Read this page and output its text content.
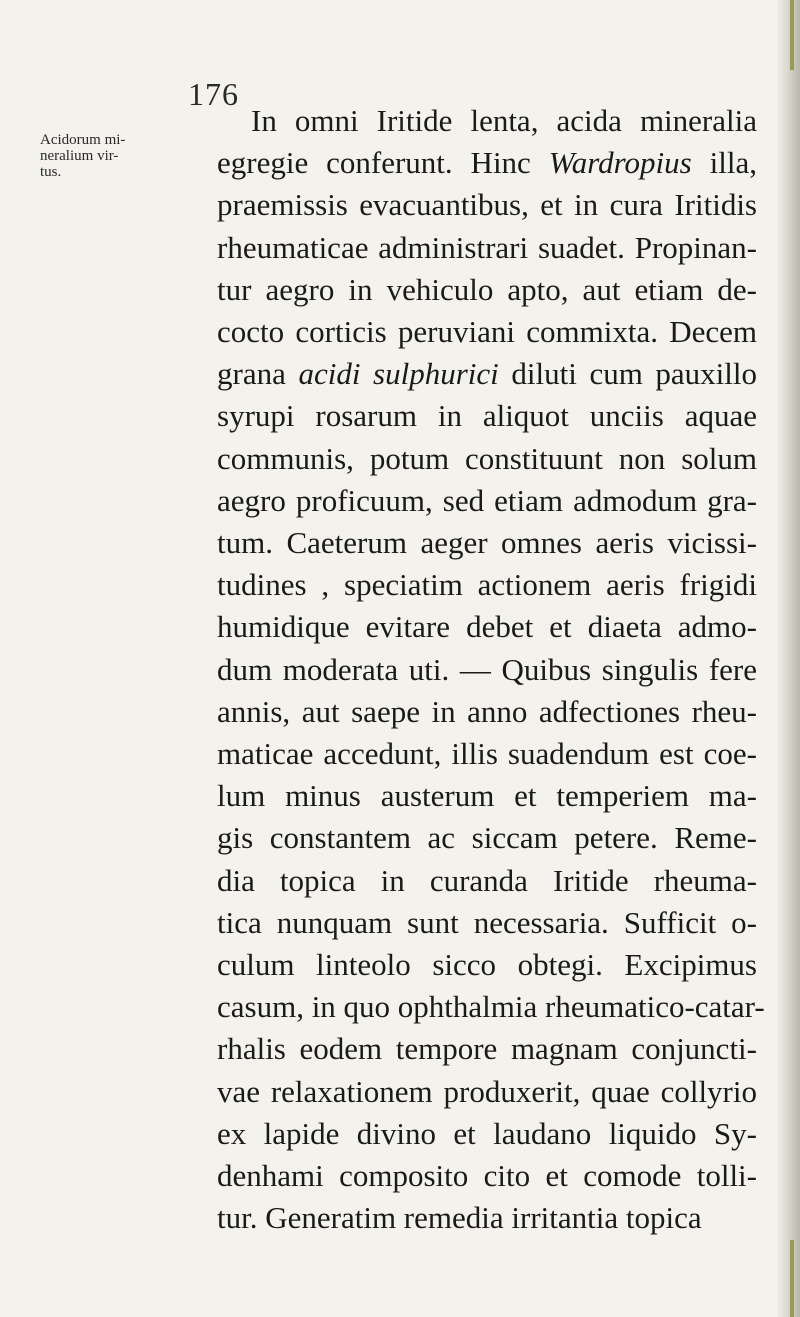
176
Acidorum mi-
neralium vir-
tus.
In omni Iritide lenta, acida mineralia
egregie conferunt. Hinc Wardropius illa,
praemissis evacuantibus, et in cura Iritidis
rheumaticae administrari suadet. Propinan-
tur aegro in vehiculo apto, aut etiam de-
cocto corticis peruviani commixta. Decem
grana acidi sulphurici diluti cum pauxillo
syrupi rosarum in aliquot unciis aquae
communis, potum constituunt non solum
aegro proficuum, sed etiam admodum gra-
tum. Caeterum aeger omnes aeris vicissi-
tudines , speciatim actionem aeris frigidi
humidique evitare debet et diaeta admo-
dum moderata uti. — Quibus singulis fere
annis, aut saepe in anno adfectiones rheu-
maticae accedunt, illis suadendum est coe-
lum minus austerum et temperiem ma-
gis constantem ac siccam petere. Reme-
dia topica in curanda Iritide rheuma-
tica nunquam sunt necessaria. Sufficit o-
culum linteolo sicco obtegi. Excipimus
casum, in quo ophthalmia rheumatico-catar-
rhalis eodem tempore magnam conjuncti-
vae relaxationem produxerit, quae collyrio
ex lapide divino et laudano liquido Sy-
denhami composito cito et comode tolli-
tur. Generatim remedia irritantia topica
